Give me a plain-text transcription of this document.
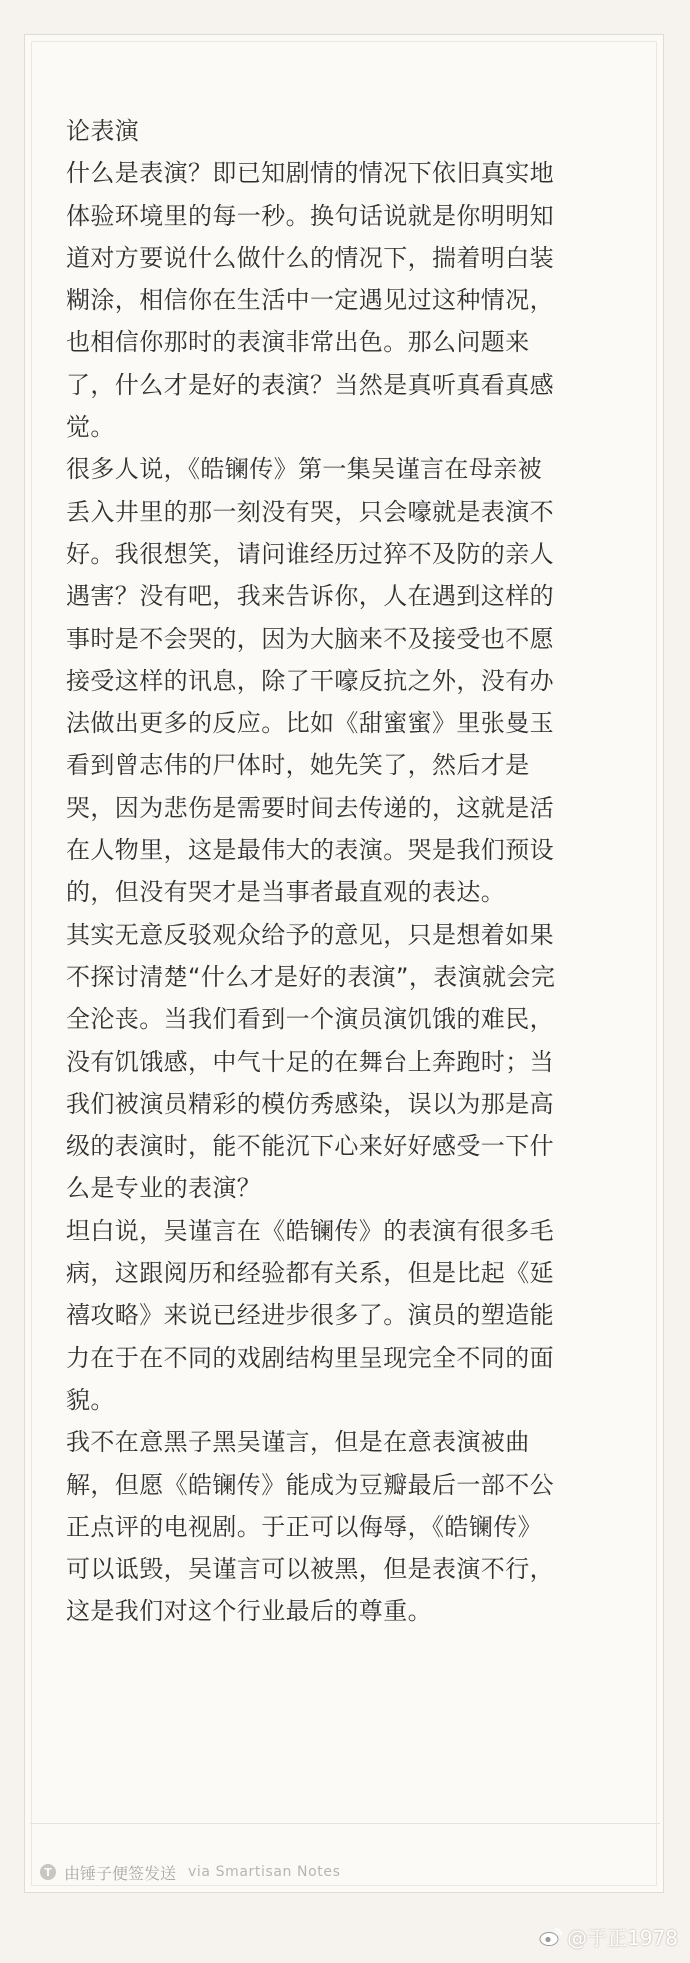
论表演

什么是表演？即已知剧情的情况下依旧真实地
体验环境里的每一秒。换句话说就是你明明知
道对方要说什么做什么的情况下，揣着明白装
糊涂，相信你在生活中一定遇见过这种情况，
也相信你那时的表演非常出色。那么问题来
了，什么才是好的表演？当然是真听真看真感
觉。

很多人说，《皓镧传》第一集吴谨言在母亲被
丢入井里的那一刻没有哭，只会嚎就是表演不
好。我很想笑，请问谁经历过猝不及防的亲人
遇害？没有吧，我来告诉你，人在遇到这样的
事时是不会哭的，因为大脑来不及接受也不愿
接受这样的讯息，除了干嚎反抗之外，没有办
法做出更多的反应。比如《甜蜜蜜》里张曼玉
看到曾志伟的尸体时，她先笑了，然后才是
哭，因为悲伤是需要时间去传递的，这就是活
在人物里，这是最伟大的表演。哭是我们预设
的，但没有哭才是当事者最直观的表达。

其实无意反驳观众给予的意见，只是想着如果
不探讨清楚“什么才是好的表演”，表演就会完
全沦丧。当我们看到一个演员演饥饿的难民，
没有饥饿感，中气十足的在舞台上奔跑时；当
我们被演员精彩的模仿秀感染，误以为那是高
级的表演时，能不能沉下心来好好感受一下什
么是专业的表演？

坦白说，吴谨言在《皓镧传》的表演有很多毛
病，这跟阅历和经验都有关系，但是比起《延
禧攻略》来说已经进步很多了。演员的塑造能
力在于在不同的戏剧结构里呈现完全不同的面
貌。

我不在意黑子黑吴谨言，但是在意表演被曲
解，但愿《皓镧传》能成为豆瓣最后一部不公
正点评的电视剧。于正可以侮辱，《皓镧传》
可以诋毁，吴谨言可以被黑，但是表演不行，
这是我们对这个行业最后的尊重。

T 由锤子便签发送 via Smartisan Notes
@于正1978
